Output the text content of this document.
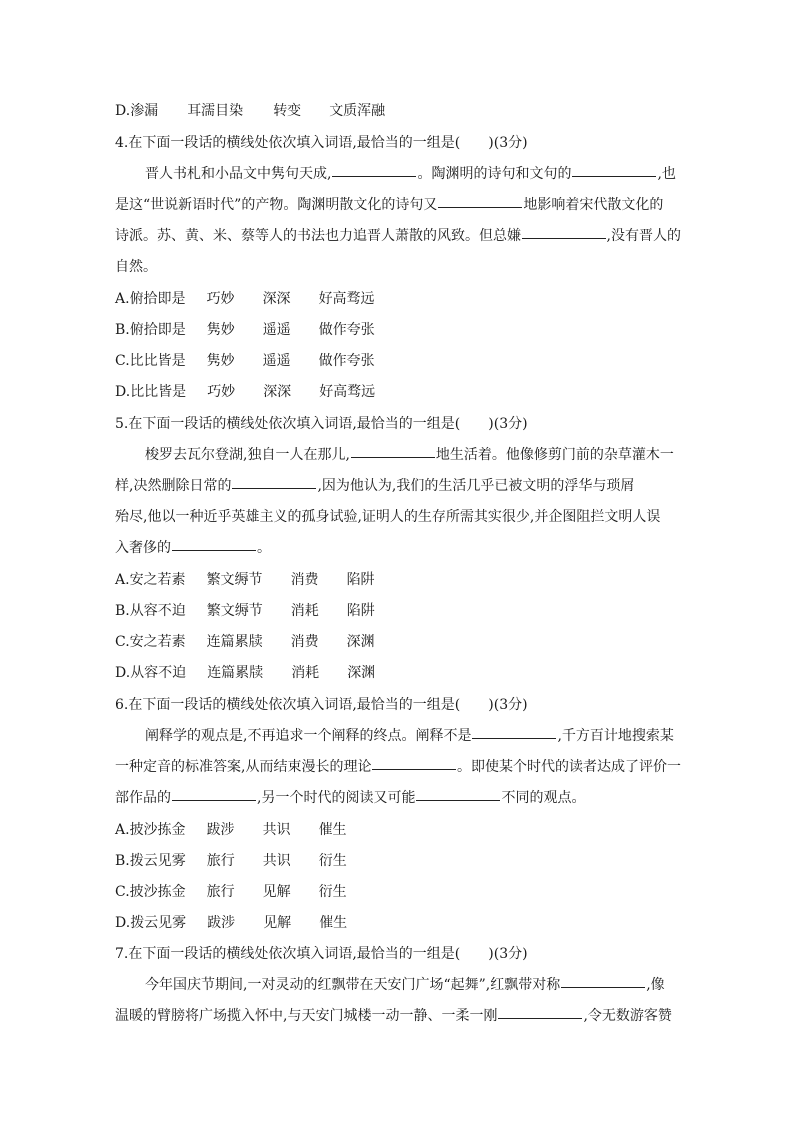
D.渗漏 耳濡目染 转变 文质浑融
4.在下面一段话的横线处依次填入词语,最恰当的一组是( )(3分)
晋人书札和小品文中隽句天成,	。陶渊明的诗句和文句的	,也
是这“世说新语时代”的产物。陶渊明散文化的诗句又	地影响着宋代散文化的
诗派。苏、黄、米、蔡等人的书法也力追晋人萧散的风致。但总嫌	,没有晋人的
自然。
A.俯拾即是 巧妙 深深 好高骛远
B.俯拾即是 隽妙 遥遥 做作夸张
C.比比皆是 隽妙 遥遥 做作夸张
D.比比皆是 巧妙 深深 好高骛远
5.在下面一段话的横线处依次填入词语,最恰当的一组是( )(3分)
梭罗去瓦尔登湖,独自一人在那儿,	地生活着。他像修剪门前的杂草灌木一
样,决然删除日常的	,因为他认为,我们的生活几乎已被文明的浮华与琐屑
殆尽,他以一种近乎英雄主义的孤身试验,证明人的生存所需其实很少,并企图阻拦文明人误
入奢侈的	。
A.安之若素 繁文缛节 消费 陷阱
B.从容不迫 繁文缛节 消耗 陷阱
C.安之若素 连篇累牍 消费 深渊
D.从容不迫 连篇累牍 消耗 深渊
6.在下面一段话的横线处依次填入词语,最恰当的一组是( )(3分)
阐释学的观点是,不再追求一个阐释的终点。阐释不是	,千方百计地搜索某
一种定音的标准答案,从而结束漫长的理论	。即使某个时代的读者达成了评价一
部作品的	,另一个时代的阅读又可能	不同的观点。
A.披沙拣金 跋涉 共识 催生
B.拨云见雾 旅行 共识 衍生
C.披沙拣金 旅行 见解 衍生
D.拨云见雾 跋涉 见解 催生
7.在下面一段话的横线处依次填入词语,最恰当的一组是( )(3分)
今年国庆节期间,一对灵动的红飘带在天安门广场“起舞”,红飘带对称	,像
温暖的臂膀将广场揽入怀中,与天安门城楼一动一静、一柔一刚	,令无数游客赞
